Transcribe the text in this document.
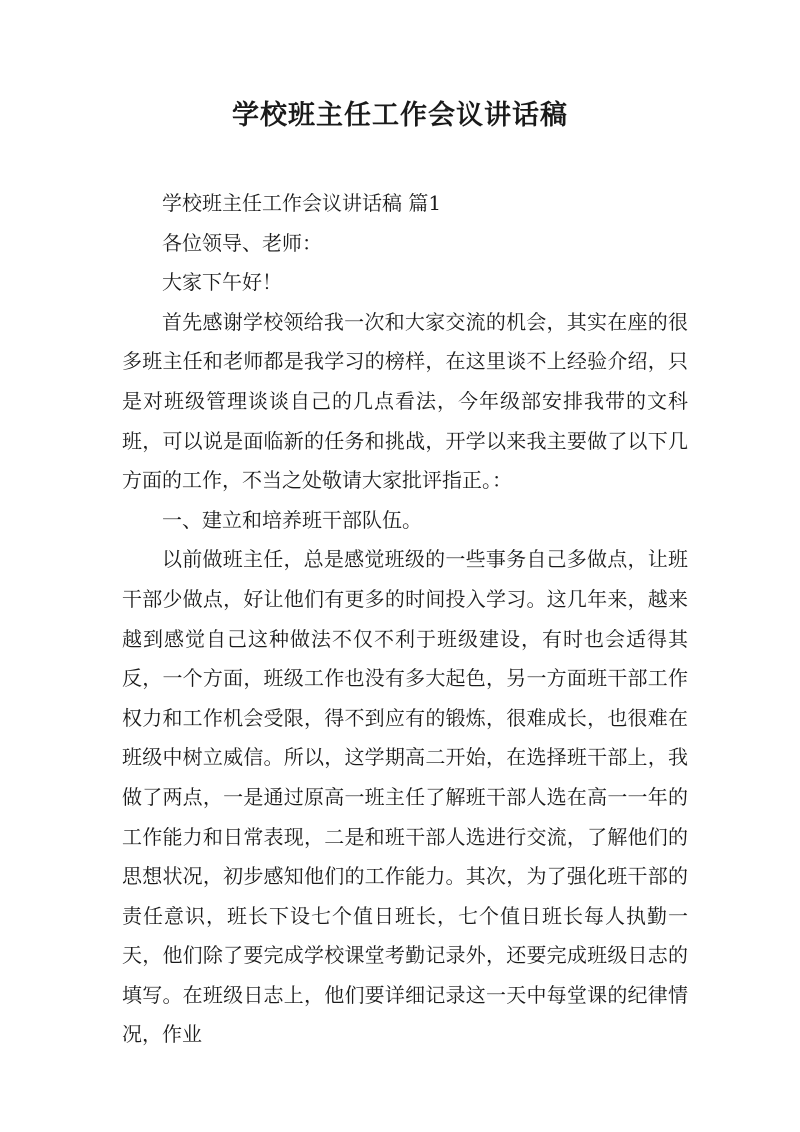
学校班主任工作会议讲话稿

学校班主任工作会议讲话稿 篇1

各位领导、老师：

大家下午好！

首先感谢学校领给我一次和大家交流的机会，其实在座的很多班主任和老师都是我学习的榜样，在这里谈不上经验介绍，只是对班级管理谈谈自己的几点看法，今年级部安排我带的文科班，可以说是面临新的任务和挑战，开学以来我主要做了以下几方面的工作，不当之处敬请大家批评指正。：

一、建立和培养班干部队伍。

以前做班主任，总是感觉班级的一些事务自己多做点，让班干部少做点，好让他们有更多的时间投入学习。这几年来，越来越到感觉自己这种做法不仅不利于班级建设，有时也会适得其反，一个方面，班级工作也没有多大起色，另一方面班干部工作权力和工作机会受限，得不到应有的锻炼，很难成长，也很难在班级中树立威信。所以，这学期高二开始，在选择班干部上，我做了两点，一是通过原高一班主任了解班干部人选在高一一年的工作能力和日常表现，二是和班干部人选进行交流，了解他们的思想状况，初步感知他们的工作能力。其次，为了强化班干部的责任意识，班长下设七个值日班长，七个值日班长每人执勤一天，他们除了要完成学校课堂考勤记录外，还要完成班级日志的填写。在班级日志上，他们要详细记录这一天中每堂课的纪律情况，作业
